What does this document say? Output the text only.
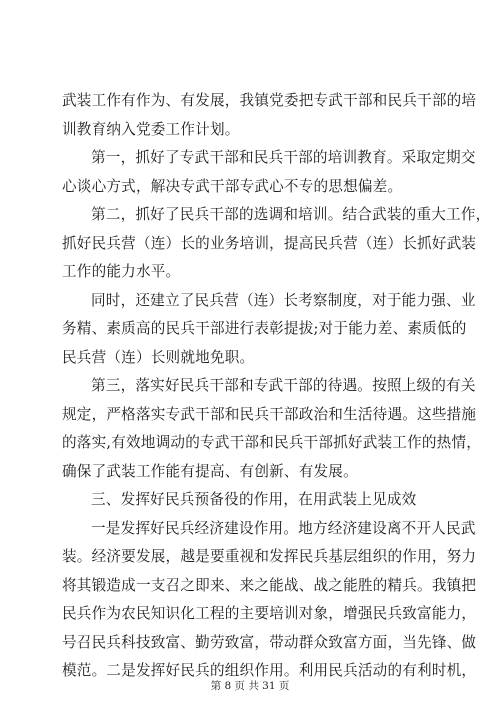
武装工作有作为、有发展，我镇党委把专武干部和民兵干部的培
训教育纳入党委工作计划。
第一，抓好了专武干部和民兵干部的培训教育。采取定期交
心谈心方式，解决专武干部专武心不专的思想偏差。
第二，抓好了民兵干部的选调和培训。结合武装的重大工作，
抓好民兵营（连）长的业务培训，提高民兵营（连）长抓好武装
工作的能力水平。
同时，还建立了民兵营（连）长考察制度，对于能力强、业
务精、素质高的民兵干部进行表彰提拔;对于能力差、素质低的
民兵营（连）长则就地免职。
第三，落实好民兵干部和专武干部的待遇。按照上级的有关
规定，严格落实专武干部和民兵干部政治和生活待遇。这些措施
的落实,有效地调动的专武干部和民兵干部抓好武装工作的热情，
确保了武装工作能有提高、有创新、有发展。
三、发挥好民兵预备役的作用，在用武装上见成效
一是发挥好民兵经济建设作用。地方经济建设离不开人民武
装。经济要发展，越是要重视和发挥民兵基层组织的作用，努力
将其锻造成一支召之即来、来之能战、战之能胜的精兵。我镇把
民兵作为农民知识化工程的主要培训对象，增强民兵致富能力，
号召民兵科技致富、勤劳致富，带动群众致富方面，当先锋、做
模范。二是发挥好民兵的组织作用。利用民兵活动的有利时机，
第 8 页 共 31 页
